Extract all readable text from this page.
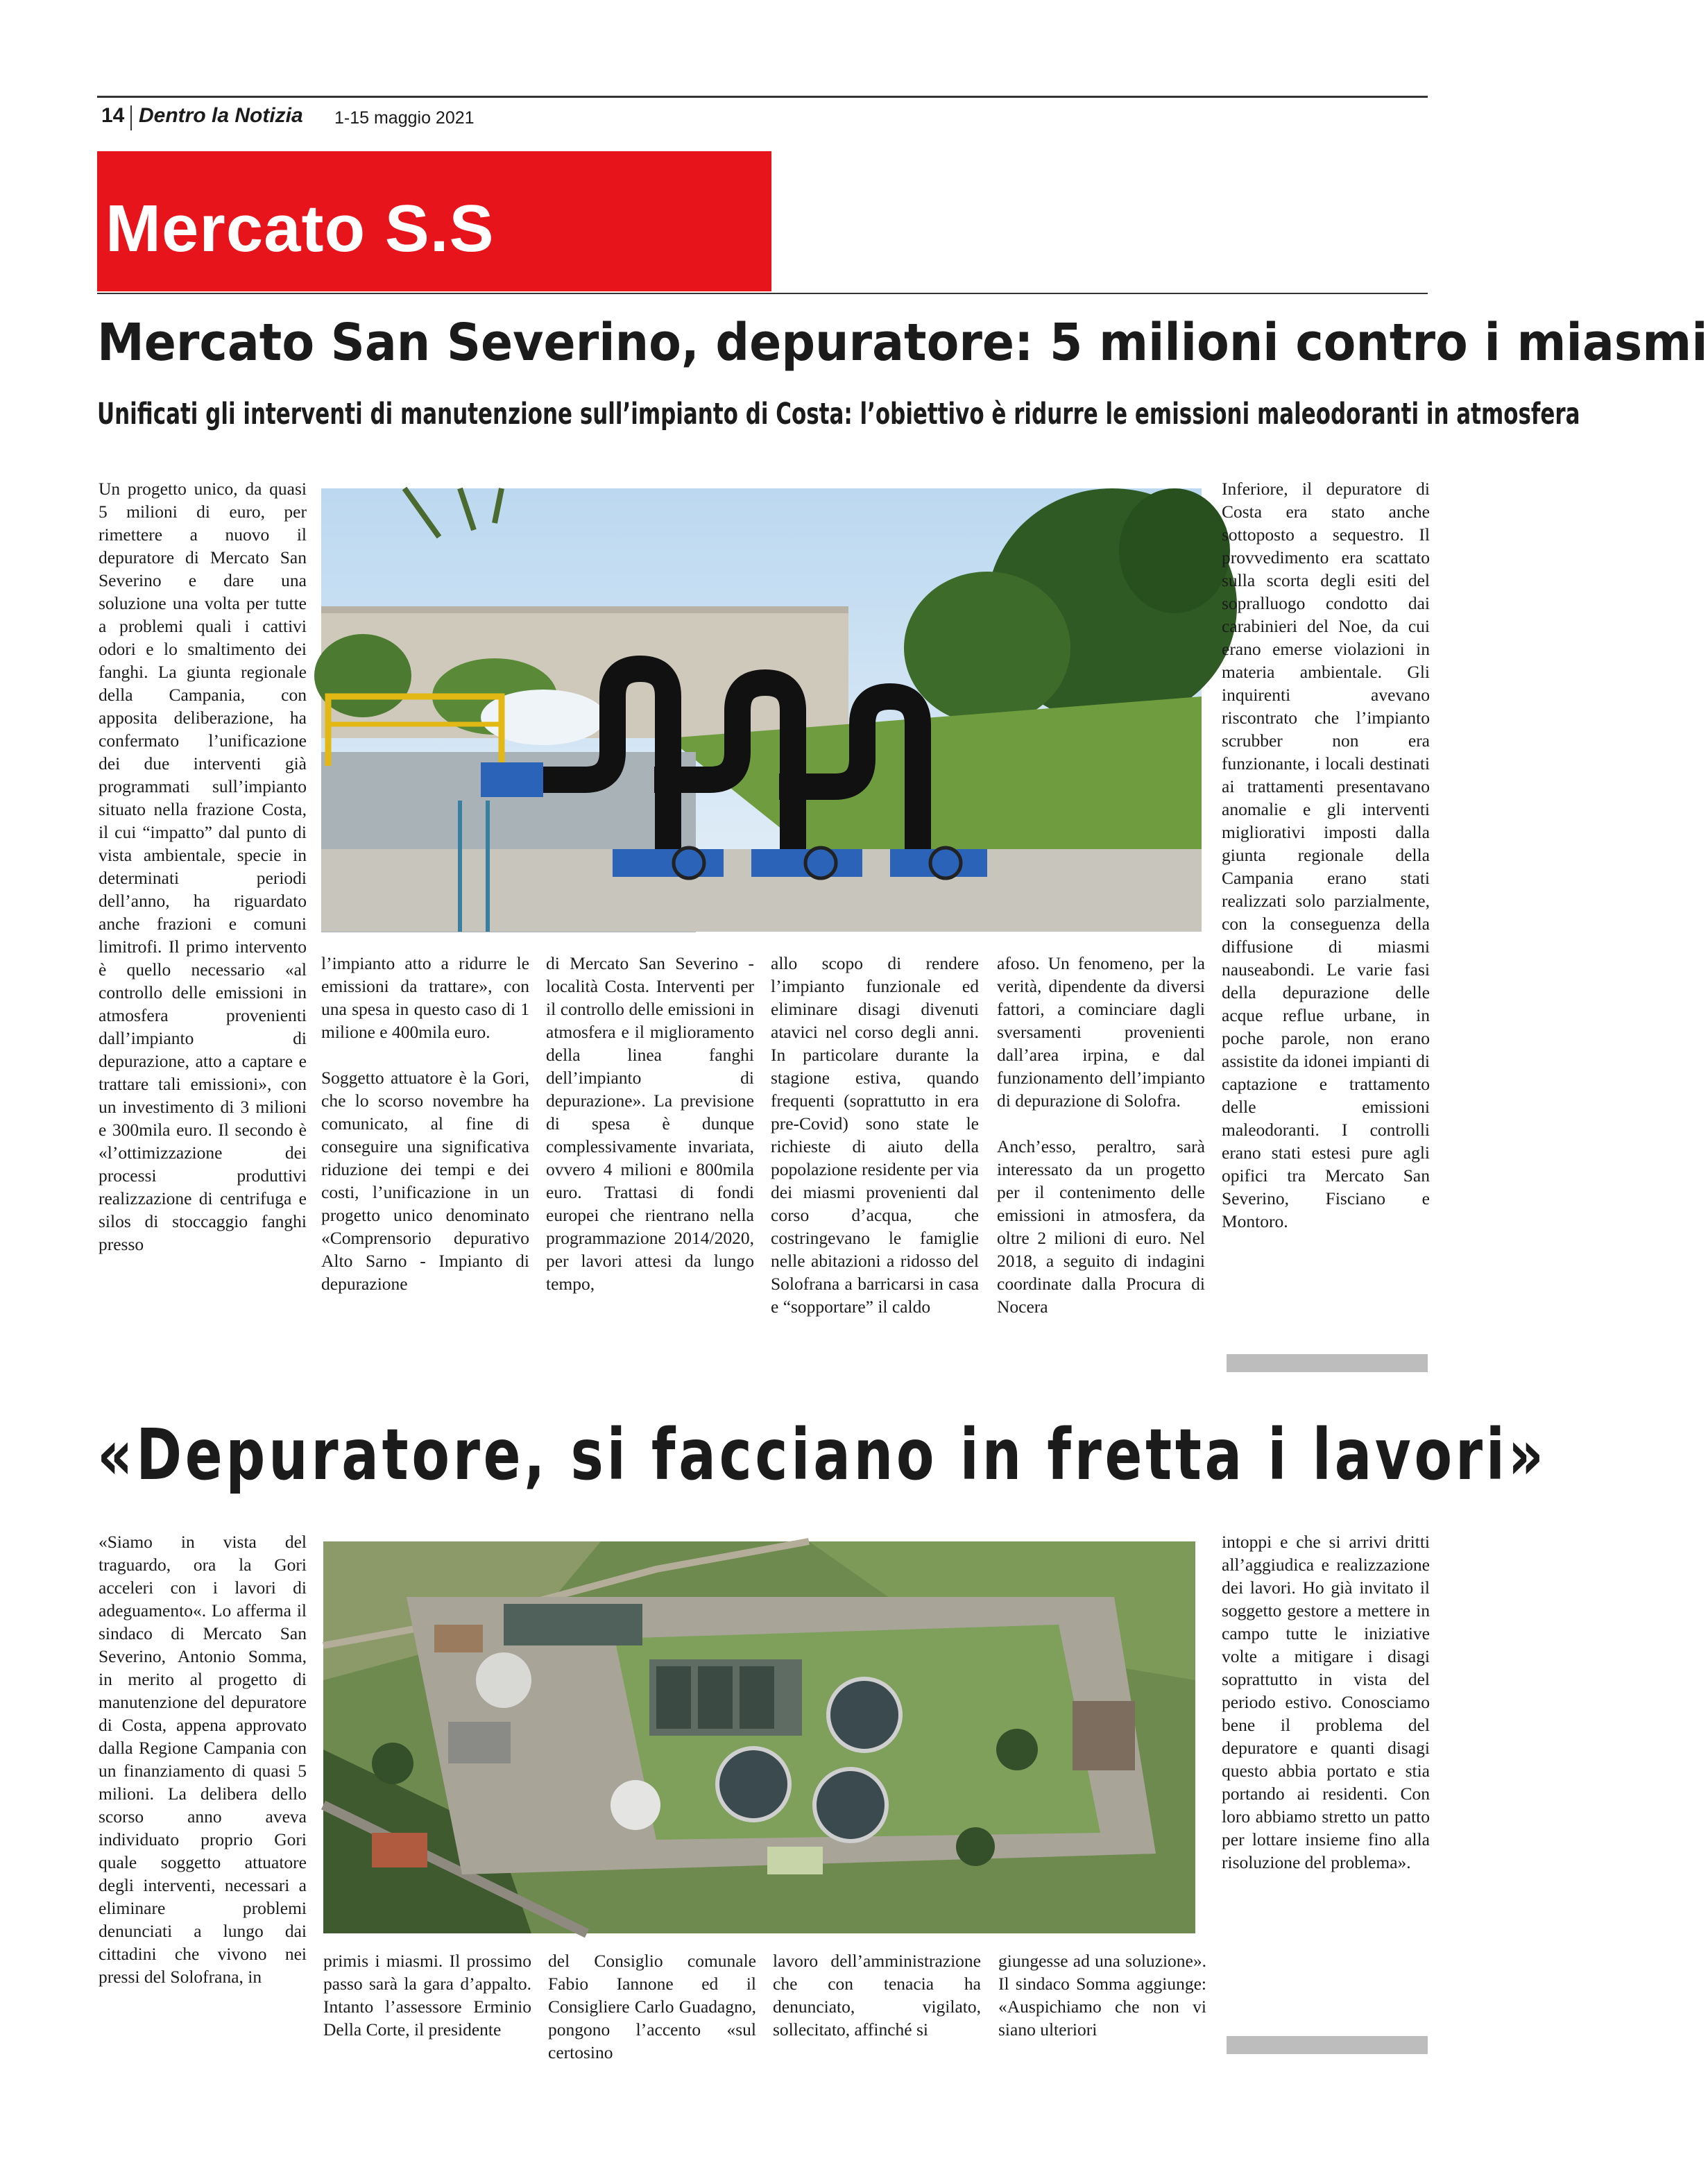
14 Dentro la Notizia 1-15 maggio 2021
Mercato S.S
Mercato San Severino, depuratore: 5 milioni contro i miasmi
Unificati gli interventi di manutenzione sull’impianto di Costa: l’obiettivo è ridurre le emissioni maleodoranti in atmosfera

Un progetto unico, da quasi 5 milioni di euro, per rimettere a nuovo il depuratore di Mercato San Severino e dare una soluzione una volta per tutte a problemi quali i cattivi odori e lo smaltimento dei fanghi. La giunta regionale della Campania, con apposita deliberazione, ha confermato l’unificazione dei due interventi già programmati sull’impianto situato nella frazione Costa, il cui “impatto” dal punto di vista ambientale, specie in determinati periodi dell’anno, ha riguardato anche frazioni e comuni limitrofi. Il primo intervento è quello necessario «al controllo delle emissioni in atmosfera provenienti dall’impianto di depurazione, atto a captare e trattare tali emissioni», con un investimento di 3 milioni e 300mila euro. Il secondo è «l’ottimizzazione dei processi produttivi realizzazione di centrifuga e silos di stoccaggio fanghi presso

l’impianto atto a ridurre le emissioni da trattare», con una spesa in questo caso di 1 milione e 400mila euro.

Soggetto attuatore è la Gori, che lo scorso novembre ha comunicato, al fine di conseguire una significativa riduzione dei tempi e dei costi, l’unificazione in un progetto unico denominato «Comprensorio depurativo Alto Sarno - Impianto di depurazione

di Mercato San Severino - località Costa. Interventi per il controllo delle emissioni in atmosfera e il miglioramento della linea fanghi dell’impianto di depurazione». La previsione di spesa è dunque complessivamente invariata, ovvero 4 milioni e 800mila euro. Trattasi di fondi europei che rientrano nella programmazione 2014/2020, per lavori attesi da lungo tempo,

allo scopo di rendere l’impianto funzionale ed eliminare disagi divenuti atavici nel corso degli anni. In particolare durante la stagione estiva, quando frequenti (soprattutto in era pre-Covid) sono state le richieste di aiuto della popolazione residente per via dei miasmi provenienti dal corso d’acqua, che costringevano le famiglie nelle abitazioni a ridosso del Solofrana a barricarsi in casa e “sopportare” il caldo

afoso. Un fenomeno, per la verità, dipendente da diversi fattori, a cominciare dagli sversamenti provenienti dall’area irpina, e dal funzionamento dell’impianto di depurazione di Solofra.

Anch’esso, peraltro, sarà interessato da un progetto per il contenimento delle emissioni in atmosfera, da oltre 2 milioni di euro. Nel 2018, a seguito di indagini coordinate dalla Procura di Nocera

Inferiore, il depuratore di Costa era stato anche sottoposto a sequestro. Il provvedimento era scattato sulla scorta degli esiti del sopralluogo condotto dai carabinieri del Noe, da cui erano emerse violazioni in materia ambientale. Gli inquirenti avevano riscontrato che l’impianto scrubber non era funzionante, i locali destinati ai trattamenti presentavano anomalie e gli interventi migliorativi imposti dalla giunta regionale della Campania erano stati realizzati solo parzialmente, con la conseguenza della diffusione di miasmi nauseabondi. Le varie fasi della depurazione delle acque reflue urbane, in poche parole, non erano assistite da idonei impianti di captazione e trattamento delle emissioni maleodoranti. I controlli erano stati estesi pure agli opifici tra Mercato San Severino, Fisciano e Montoro.

«Depuratore, si facciano in fretta i lavori»

«Siamo in vista del traguardo, ora la Gori acceleri con i lavori di adeguamento«. Lo afferma il sindaco di Mercato San Severino, Antonio Somma, in merito al progetto di manutenzione del depuratore di Costa, appena approvato dalla Regione Campania con un finanziamento di quasi 5 milioni. La delibera dello scorso anno aveva individuato proprio Gori quale soggetto attuatore degli interventi, necessari a eliminare problemi denunciati a lungo dai cittadini che vivono nei pressi del Solofrana, in

primis i miasmi. Il prossimo passo sarà la gara d’appalto. Intanto l’assessore Erminio Della Corte, il presidente

del Consiglio comunale Fabio Iannone ed il Consigliere Carlo Guadagno, pongono l’accento «sul certosino

lavoro dell’amministrazione che con tenacia ha denunciato, vigilato, sollecitato, affinché si

giungesse ad una soluzione». Il sindaco Somma aggiunge: «Auspichiamo che non vi siano ulteriori

intoppi e che si arrivi dritti all’aggiudica e realizzazione dei lavori. Ho già invitato il soggetto gestore a mettere in campo tutte le iniziative volte a mitigare i disagi soprattutto in vista del periodo estivo. Conosciamo bene il problema del depuratore e quanti disagi questo abbia portato e stia portando ai residenti. Con loro abbiamo stretto un patto per lottare insieme fino alla risoluzione del problema».
